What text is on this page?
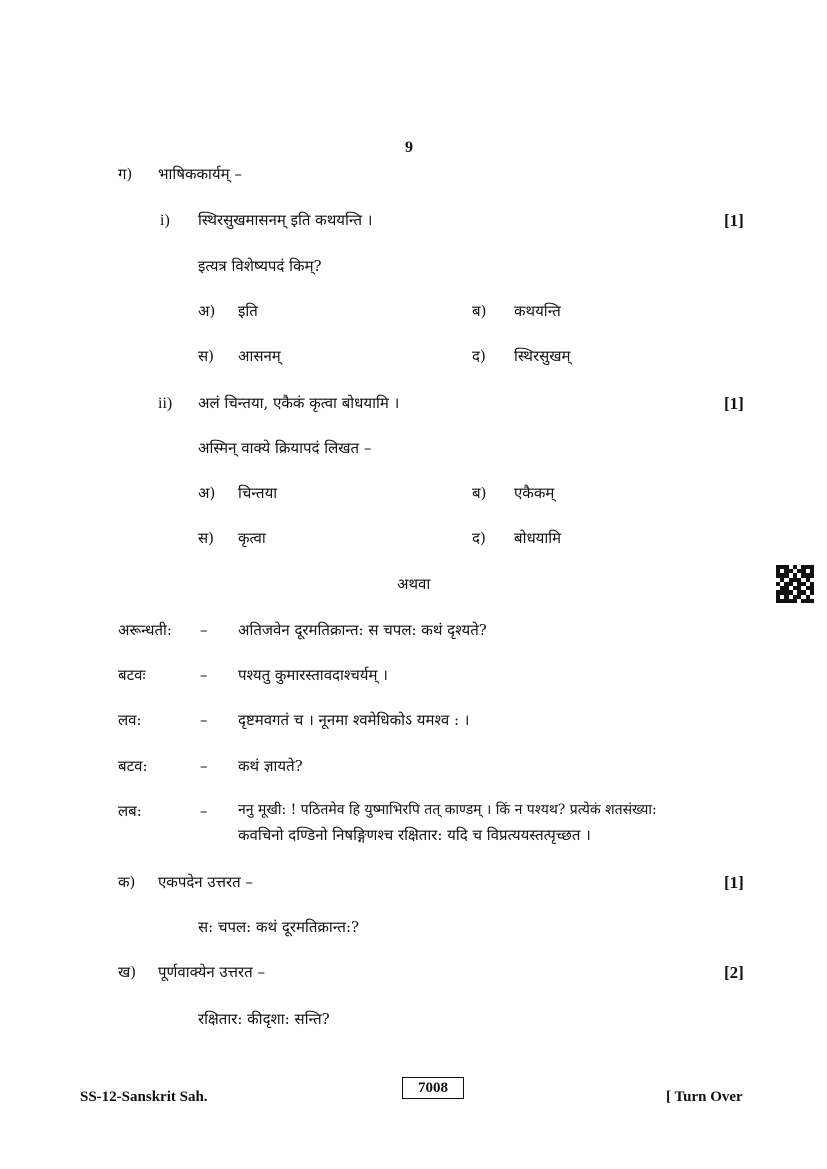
9
ग) भाषिककार्यम् –
i) स्थिरसुखमासनम् इति कथयन्ति ।	[1]
इत्यत्र विशेष्यपदं किम्?
अ) इति	ब) कथयन्ति
स) आसनम्	द) स्थिरसुखम्
ii) अलं चिन्तया, एकैकं कृत्वा बोधयामि ।	[1]
अस्मिन् वाक्ये क्रियापदं लिखत –
अ) चिन्तया	ब) एकैकम्
स) कृत्वा	द) बोधयामि
अथवा
अरून्धती: – अतिजवेन दूरमतिक्रान्त: स चपल: कथं दृश्यते?
बटवः	– पश्यतु कुमारस्तावदाश्चर्यम् ।
लव:	– दृष्टमवगतं च । नूनमा श्वमेधिकोऽ यमश्व : ।
बटव:	– कथं ज्ञायते?
लब:	– ननु मूखी: ! पठितमेव हि युष्माभिरपि तत् काण्डम् । किं न पश्यथ? प्रत्येकं शतसंख्या:
कवचिनो दण्डिनो निषङ्गिणश्च रक्षितार: यदि च विप्रत्ययस्तत्पृच्छत ।
क) एकपदेन उत्तरत –	[1]
स: चपल: कथं दूरमतिक्रान्त:?
ख) पूर्णवाक्येन उत्तरत –	[2]
रक्षितार: कीदृशा: सन्ति?
SS-12-Sanskrit Sah.
7008
[ Turn Over
